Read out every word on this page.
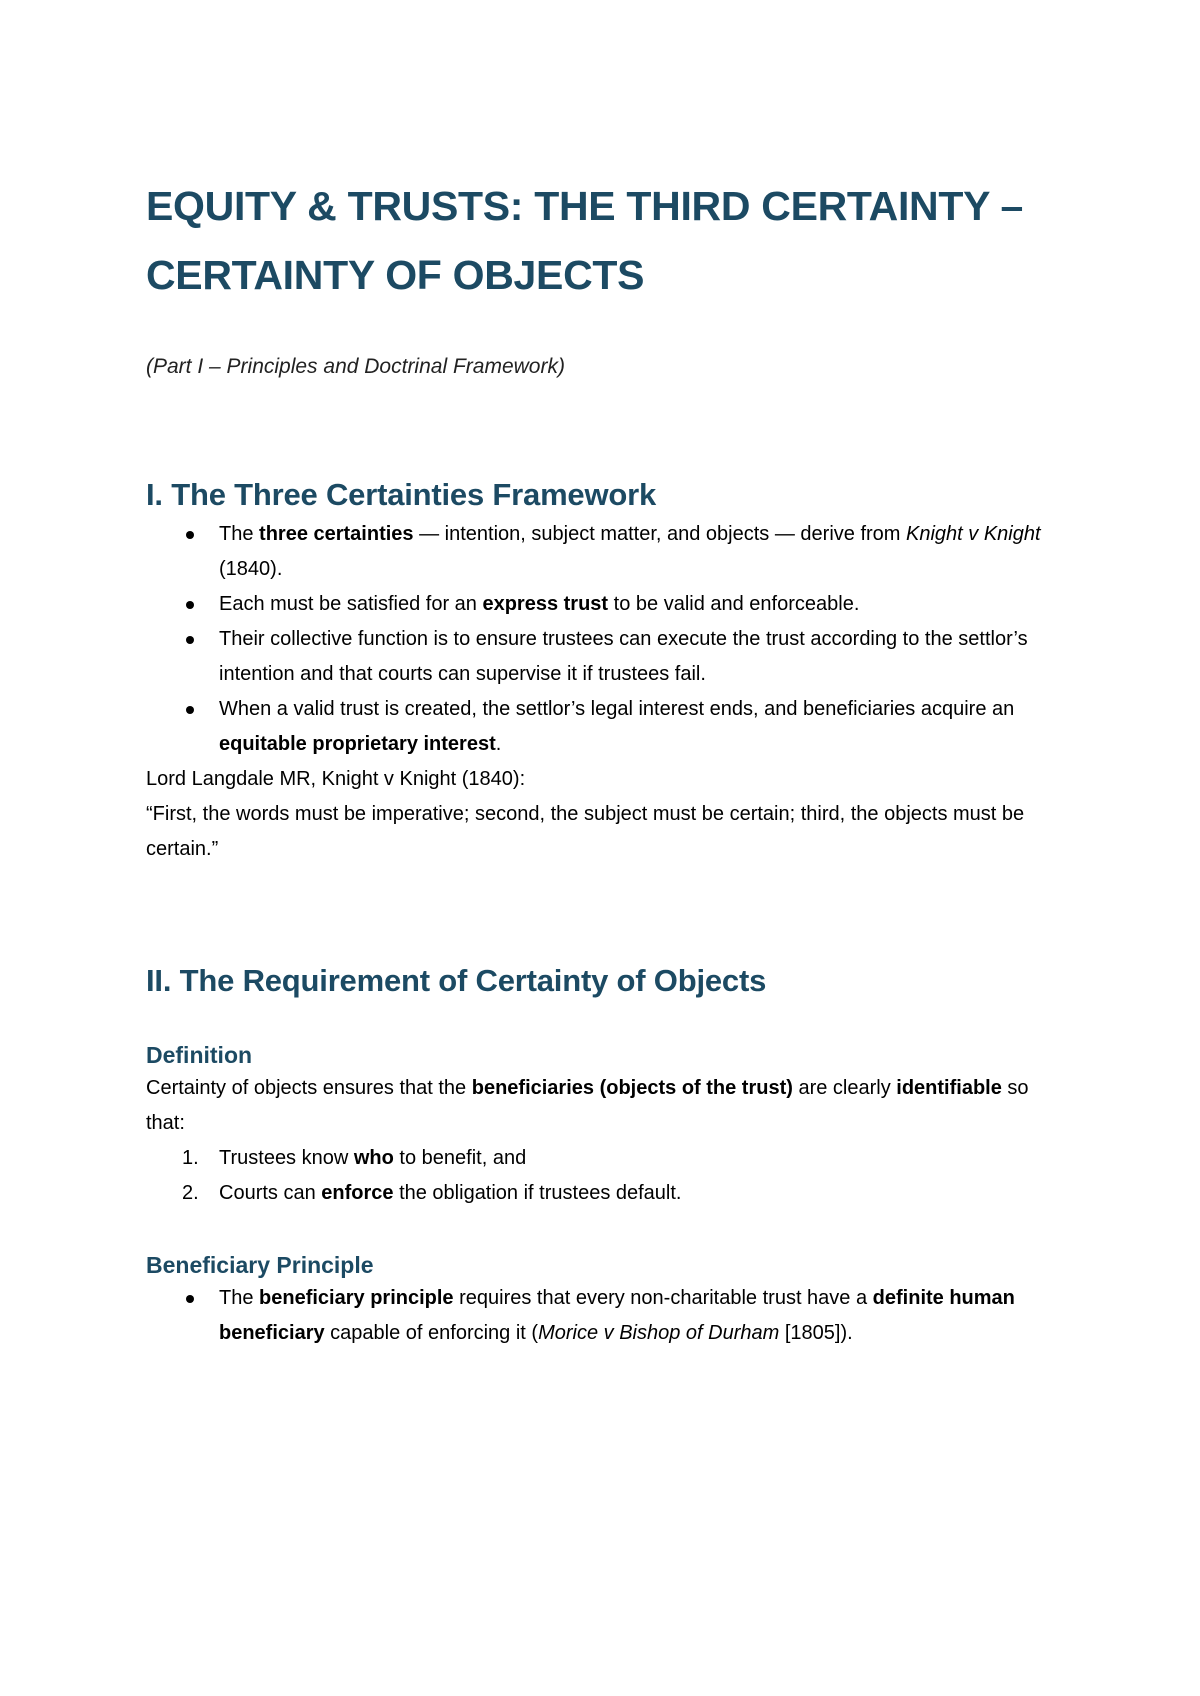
EQUITY & TRUSTS: THE THIRD CERTAINTY –
CERTAINTY OF OBJECTS

(Part I – Principles and Doctrinal Framework)

I. The Three Certainties Framework
The three certainties — intention, subject matter, and objects — derive from Knight v Knight (1840).
Each must be satisfied for an express trust to be valid and enforceable.
Their collective function is to ensure trustees can execute the trust according to the settlor’s intention and that courts can supervise it if trustees fail.
When a valid trust is created, the settlor’s legal interest ends, and beneficiaries acquire an equitable proprietary interest.

Lord Langdale MR, Knight v Knight (1840):

“First, the words must be imperative; second, the subject must be certain; third, the objects must be certain.”

II. The Requirement of Certainty of Objects
Definition

Certainty of objects ensures that the beneficiaries (objects of the trust) are clearly identifiable so that:

1. Trustees know who to benefit, and
2. Courts can enforce the obligation if trustees default.
Beneficiary Principle
The beneficiary principle requires that every non-charitable trust have a definite human beneficiary capable of enforcing it (Morice v Bishop of Durham [1805]).
